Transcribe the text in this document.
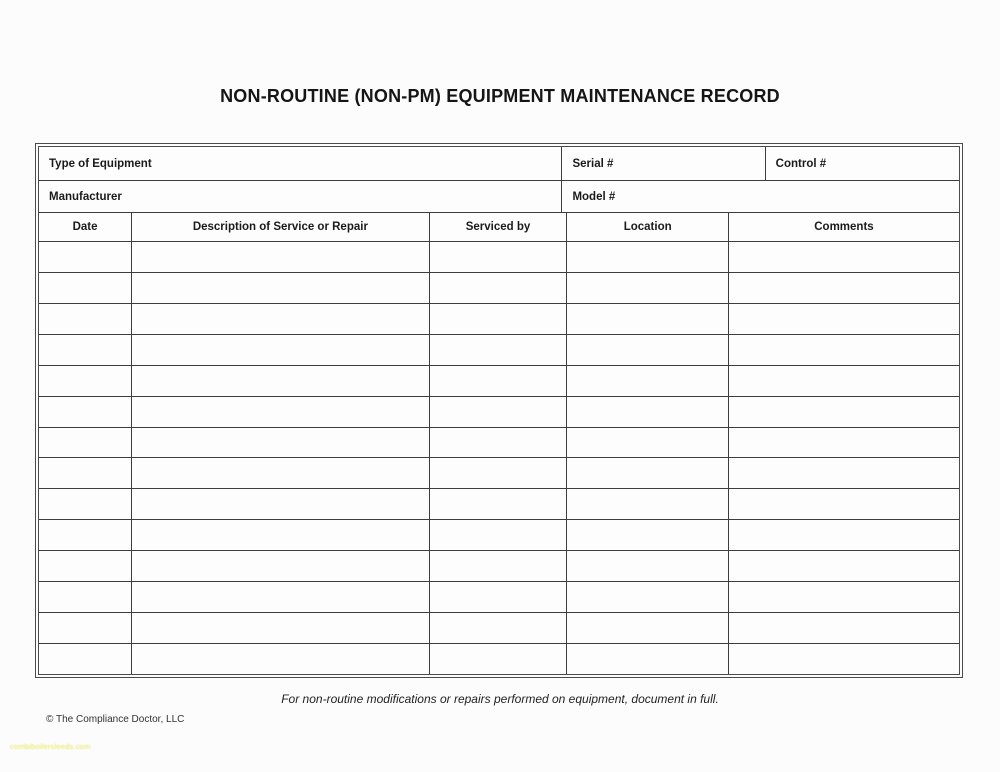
NON-ROUTINE (NON-PM) EQUIPMENT MAINTENANCE RECORD
Type of Equipment	Serial #	Control #
Manufacturer	Model #
Date	Description of Service or Repair	Serviced by	Location	Comments
For non-routine modifications or repairs performed on equipment, document in full.
© The Compliance Doctor, LLC
combiboilersleeds.com
